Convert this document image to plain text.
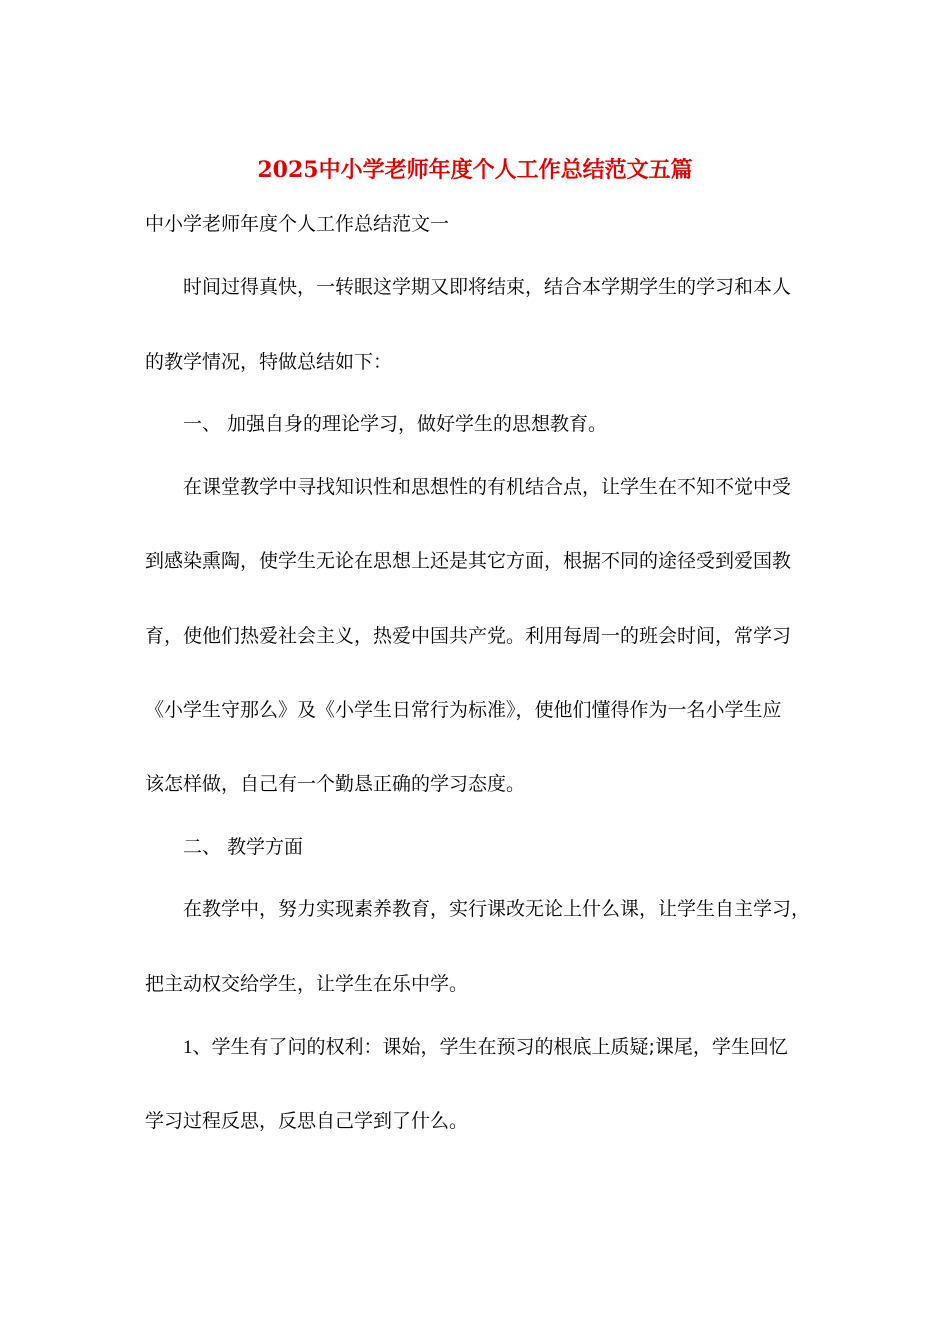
2025中小学老师年度个人工作总结范文五篇
中小学老师年度个人工作总结范文一
时间过得真快，一转眼这学期又即将结束，结合本学期学生的学习和本人
的教学情况，特做总结如下：
一、 加强自身的理论学习，做好学生的思想教育。
在课堂教学中寻找知识性和思想性的有机结合点，让学生在不知不觉中受
到感染熏陶，使学生无论在思想上还是其它方面，根据不同的途径受到爱国教
育，使他们热爱社会主义，热爱中国共产党。利用每周一的班会时间，常学习
《小学生守那么》及《小学生日常行为标准》，使他们懂得作为一名小学生应
该怎样做，自己有一个勤恳正确的学习态度。
二、 教学方面
在教学中，努力实现素养教育，实行课改无论上什么课，让学生自主学习，
把主动权交给学生，让学生在乐中学。
1、学生有了问的权利：课始，学生在预习的根底上质疑;课尾，学生回忆
学习过程反思，反思自己学到了什么。
